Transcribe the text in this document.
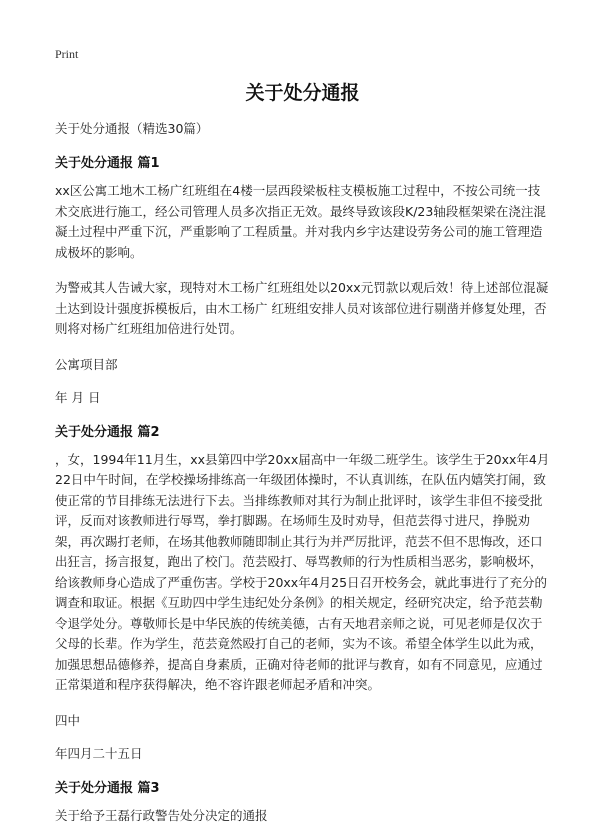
Print
关于处分通报
关于处分通报（精选30篇）
关于处分通报 篇1
xx区公寓工地木工杨广红班组在4楼一层西段梁板柱支模板施工过程中，不按公司统一技术交底进行施工，经公司管理人员多次指正无效。最终导致该段K/23轴段框架梁在浇注混凝土过程中严重下沉，严重影响了工程质量。并对我内乡宇达建设劳务公司的施工管理造成极坏的影响。
为警戒其人告诫大家，现特对木工杨广红班组处以20xx元罚款以观后效！待上述部位混凝土达到设计强度拆模板后，由木工杨广 红班组安排人员对该部位进行剔凿并修复处理，否则将对杨广红班组加倍进行处罚。
公寓项目部
年 月 日
关于处分通报 篇2
，女，1994年11月生，xx县第四中学20xx届高中一年级二班学生。该学生于20xx年4月22日中午时间，在学校操场排练高一年级团体操时，不认真训练，在队伍内嬉笑打闹，致使正常的节目排练无法进行下去。当排练教师对其行为制止批评时，该学生非但不接受批评，反而对该教师进行辱骂，拳打脚踢。在场师生及时劝导，但范芸得寸进尺，挣脱劝架，再次踢打老师，在场其他教师随即制止其行为并严厉批评，范芸不但不思悔改，还口出狂言，扬言报复，跑出了校门。范芸殴打、辱骂教师的行为性质相当恶劣，影响极坏，给该教师身心造成了严重伤害。学校于20xx年4月25日召开校务会，就此事进行了充分的调查和取证。根据《互助四中学生违纪处分条例》的相关规定，经研究决定，给予范芸勒令退学处分。尊敬师长是中华民族的传统美德，古有天地君亲师之说，可见老师是仅次于父母的长辈。作为学生，范芸竟然殴打自己的老师，实为不该。希望全体学生以此为戒，加强思想品德修养，提高自身素质，正确对待老师的批评与教育，如有不同意见，应通过正常渠道和程序获得解决，绝不容许跟老师起矛盾和冲突。
四中
年四月二十五日
关于处分通报 篇3
关于给予王磊行政警告处分决定的通报
